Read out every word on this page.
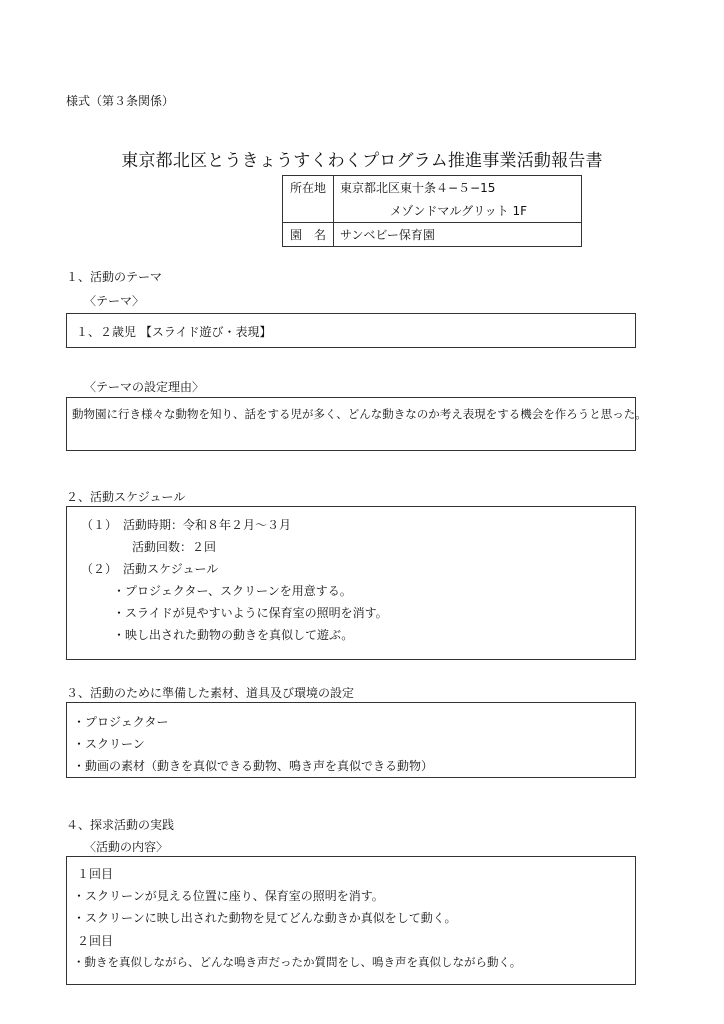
様式（第３条関係）
東京都北区とうきょうすくわくプログラム推進事業活動報告書
所在地	東京都北区東十条４−５−15
メゾンドマルグリット 1F

園　名	サンベビー保育園
１、活動のテーマ
〈テーマ〉
１、２歳児 【スライド遊び・表現】
〈テーマの設定理由〉
動物園に行き様々な動物を知り、話をする児が多く、どんな動きなのか考え表現をする機会を作ろうと思った。
２、活動スケジュール
（１）　活動時期：令和８年２月～３月
活動回数：２回
（２）　活動スケジュール
・プロジェクター、スクリーンを用意する。
・スライドが見やすいように保育室の照明を消す。
・映し出された動物の動きを真似して遊ぶ。
３、活動のために準備した素材、道具及び環境の設定
・プロジェクター
・スクリーン
・動画の素材（動きを真似できる動物、鳴き声を真似できる動物）
４、探求活動の実践
〈活動の内容〉
１回目
・スクリーンが見える位置に座り、保育室の照明を消す。
・スクリーンに映し出された動物を見てどんな動きか真似をして動く。
２回目
・動きを真似しながら、どんな鳴き声だったか質問をし、鳴き声を真似しながら動く。
